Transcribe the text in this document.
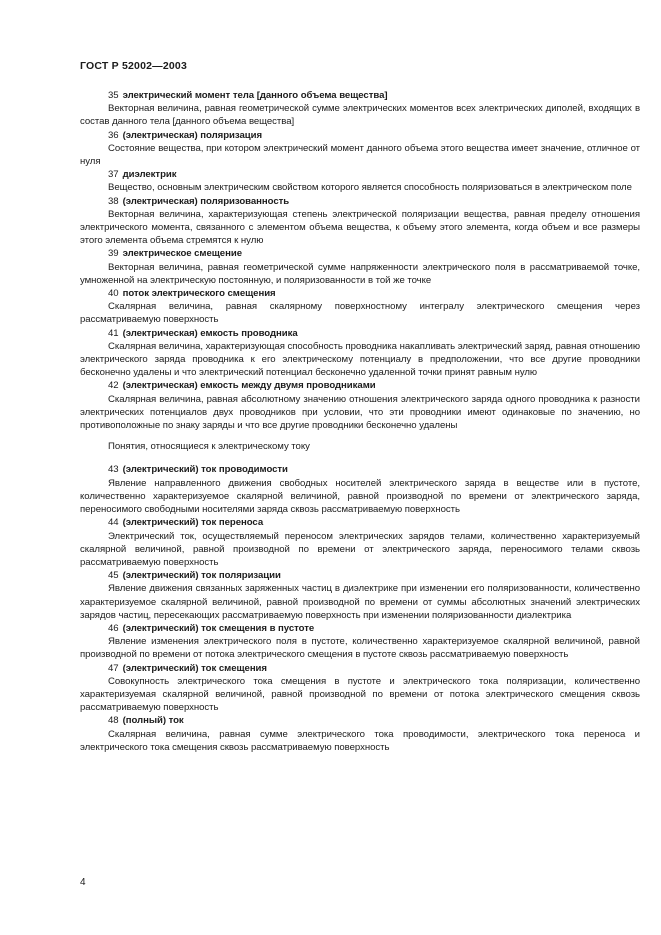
ГОСТ Р 52002—2003

35 электрический момент тела [данного объема вещества]

Векторная величина, равная геометрической сумме электрических моментов всех электрических диполей, входящих в состав данного тела [данного объема вещества]

36 (электрическая) поляризация

Состояние вещества, при котором электрический момент данного объема этого вещества имеет значение, отличное от нуля

37 диэлектрик

Вещество, основным электрическим свойством которого является способность поляризоваться в электрическом поле

38 (электрическая) поляризованность

Векторная величина, характеризующая степень электрической поляризации вещества, равная пределу отношения электрического момента, связанного с элементом объема вещества, к объему этого элемента, когда объем и все размеры этого элемента объема стремятся к нулю

39 электрическое смещение

Векторная величина, равная геометрической сумме напряженности электрического поля в рассматриваемой точке, умноженной на электрическую постоянную, и поляризованности в той же точке

40 поток электрического смещения

Скалярная величина, равная скалярному поверхностному интегралу электрического смещения через рассматриваемую поверхность

41 (электрическая) емкость проводника

Скалярная величина, характеризующая способность проводника накапливать электрический заряд, равная отношению электрического заряда проводника к его электрическому потенциалу в предположении, что все другие проводники бесконечно удалены и что электрический потенциал бесконечно удаленной точки принят равным нулю

42 (электрическая) емкость между двумя проводниками

Скалярная величина, равная абсолютному значению отношения электрического заряда одного проводника к разности электрических потенциалов двух проводников при условии, что эти проводники имеют одинаковые по значению, но противоположные по знаку заряды и что все другие проводники бесконечно удалены

Понятия, относящиеся к электрическому току

43 (электрический) ток проводимости

Явление направленного движения свободных носителей электрического заряда в веществе или в пустоте, количественно характеризуемое скалярной величиной, равной производной по времени от электрического заряда, переносимого свободными носителями заряда сквозь рассматриваемую поверхность

44 (электрический) ток переноса

Электрический ток, осуществляемый переносом электрических зарядов телами, количественно характеризуемый скалярной величиной, равной производной по времени от электрического заряда, переносимого телами сквозь рассматриваемую поверхность

45 (электрический) ток поляризации

Явление движения связанных заряженных частиц в диэлектрике при изменении его поляризованности, количественно характеризуемое скалярной величиной, равной производной по времени от суммы абсолютных значений электрических зарядов частиц, пересекающих рассматриваемую поверхность при изменении поляризованности диэлектрика

46 (электрический) ток смещения в пустоте

Явление изменения электрического поля в пустоте, количественно характеризуемое скалярной величиной, равной производной по времени от потока электрического смещения в пустоте сквозь рассматриваемую поверхность

47 (электрический) ток смещения

Совокупность электрического тока смещения в пустоте и электрического тока поляризации, количественно характеризуемая скалярной величиной, равной производной по времени от потока электрического смещения сквозь рассматриваемую поверхность

48 (полный) ток

Скалярная величина, равная сумме электрического тока проводимости, электрического тока переноса и электрического тока смещения сквозь рассматриваемую поверхность

4
